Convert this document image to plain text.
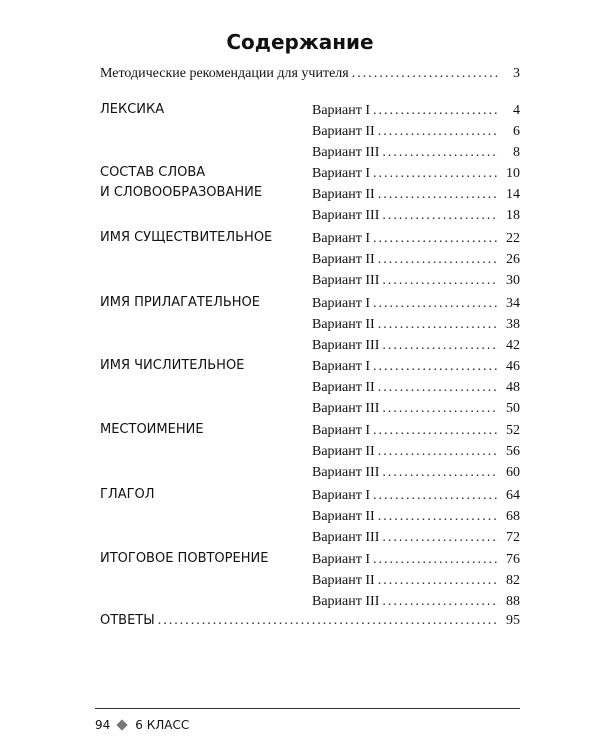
Содержание
Методические рекомендации для учителя .....	3
ЛЕКСИКА	Вариант I .....	4
Вариант II .....	6
Вариант III .....	8
СОСТАВ СЛОВА
И СЛОВООБРАЗОВАНИЕ
Вариант I .....	10
Вариант II .....	14
Вариант III .....	18
ИМЯ СУЩЕСТВИТЕЛЬНОЕ	Вариант I .....	22
Вариант II .....	26
Вариант III .....	30
ИМЯ ПРИЛАГАТЕЛЬНОЕ	Вариант I .....	34
Вариант II .....	38
Вариант III .....	42
ИМЯ ЧИСЛИТЕЛЬНОЕ	Вариант I .....	46
Вариант II .....	48
Вариант III .....	50
МЕСТОИМЕНИЕ	Вариант I .....	52
Вариант II .....	56
Вариант III .....	60
ГЛАГОЛ	Вариант I .....	64
Вариант II .....	68
Вариант III .....	72
ИТОГОВОЕ ПОВТОРЕНИЕ	Вариант I .....	76
Вариант II .....	82
Вариант III .....	88
ОТВЕТЫ .....	95
94 6 КЛАСС
